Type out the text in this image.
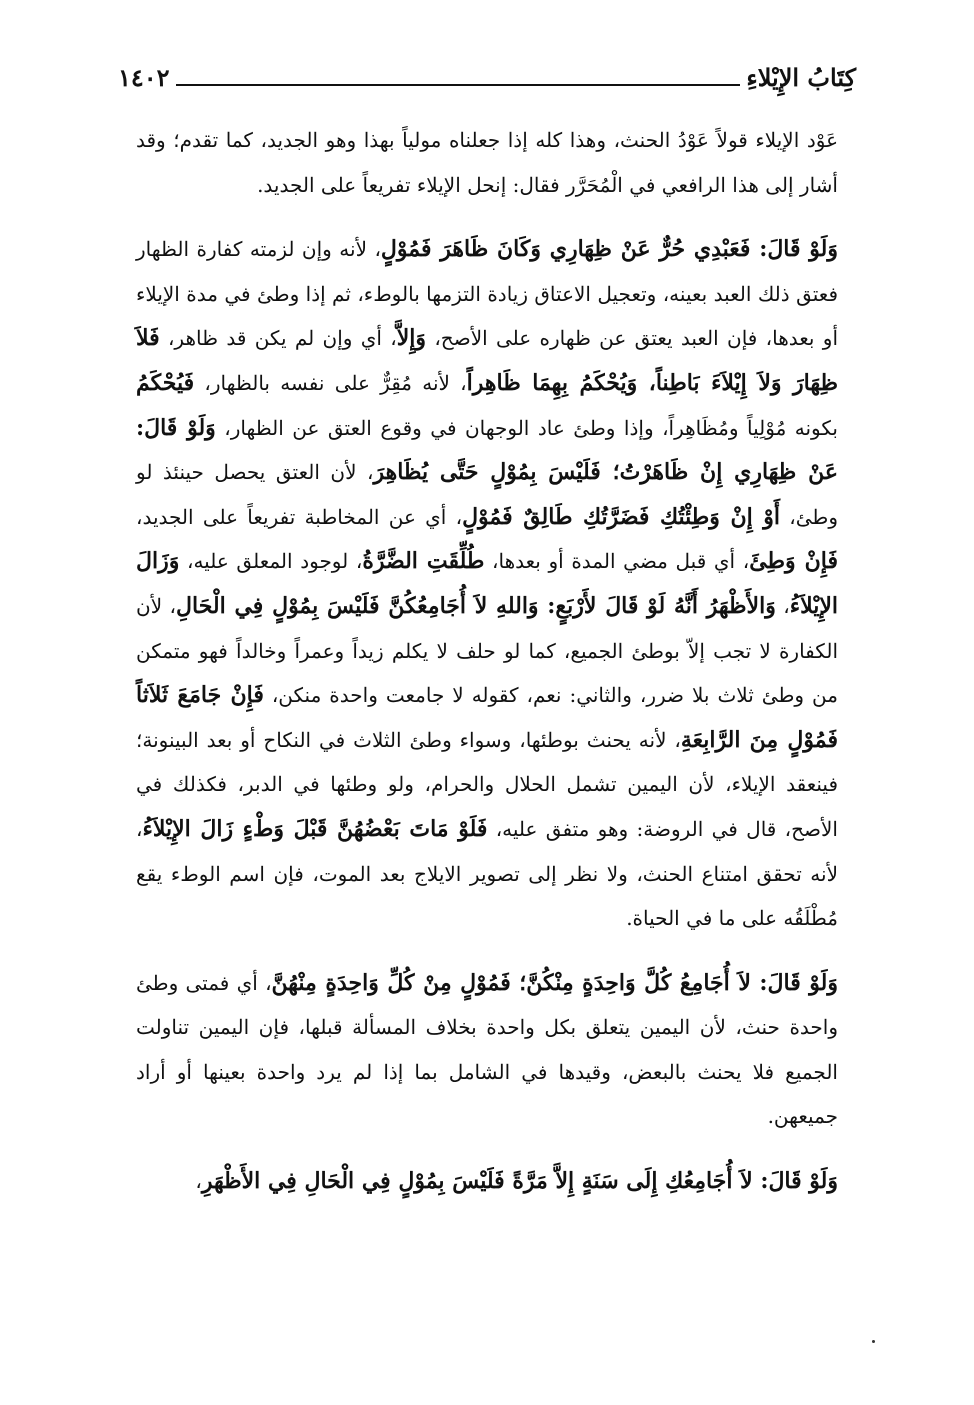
كِتَابُ الإِيْلاءِ
١٤٠٢

عَوْد الإيلاء قولاً عَوْدُ الحنث، وهذا كله إذا جعلناه مولياً بهذا وهو الجديد، كما تقدم؛ وقد أشار إلى هذا الرافعي في الْمُحَرَّر فقال: إنحل الإيلاء تفريعاً على الجديد.

وَلَوْ قَالَ: فَعَبْدِي حُرٌّ عَنْ ظِهَارِي وَكَانَ ظَاهَرَ فَمُوْلٍ، لأنه وإن لزمته كفارة الظهار فعتق ذلك العبد بعينه، وتعجيل الاعتاق زيادة التزمها بالوطء، ثم إذا وطئ في مدة الإيلاء أو بعدها، فإن العبد يعتق عن ظهاره على الأصح، وَإِلاَّ، أي وإن لم يكن قد ظاهر، فَلاَ ظِهَارَ وَلاَ إِيْلاَءَ بَاطِناً، وَيُحْكَمُ بِهِمَا ظَاهِراً، لأنه مُقِرٌّ على نفسه بالظهار، فَيُحْكَمُ بكونه مُوْلِياً ومُظَاهِراً، وإذا وطئ عاد الوجهان في وقوع العتق عن الظهار، وَلَوْ قَالَ: عَنْ ظِهَارِي إِنْ ظَاهَرْتُ؛ فَلَيْسَ بِمُوْلٍ حَتَّى يُظَاهِرَ، لأن العتق يحصل حينئذ لو وطئ، أَوْ إِنْ وَطِئْتُكِ فَضَرَّتُكِ طَالِقٌ فَمُوْلٍ، أي عن المخاطبة تفريعاً على الجديد، فَإِنْ وَطِئَ، أي قبل مضي المدة أو بعدها، طُلِّقَتِ الضَّرَّةُ، لوجود المعلق عليه، وَزَالَ الإِيْلاَءُ، وَالأَظْهَرُ أَنَّهُ لَوْ قَالَ لأَرْبَعٍ: وَاللهِ لاَ أُجَامِعُكُنَّ فَلَيْسَ بِمُوْلٍ فِي الْحَالِ، لأن الكفارة لا تجب إلاّ بوطئ الجميع، كما لو حلف لا يكلم زيداً وعمراً وخالداً فهو متمكن من وطئ ثلاث بلا ضرر، والثاني: نعم، كقوله لا جامعت واحدة منكن، فَإِنْ جَامَعَ ثَلاَثاً فَمُوْلٍ مِنَ الرَّابِعَةِ، لأنه يحنث بوطئها، وسواء وطئ الثلاث في النكاح أو بعد البينونة؛ فينعقد الإيلاء، لأن اليمين تشمل الحلال والحرام، ولو وطئها في الدبر، فكذلك في الأصح، قال في الروضة: وهو متفق عليه، فَلَوْ مَاتَ بَعْضُهُنَّ قَبْلَ وَطْءٍ زَالَ الإِيْلاَءُ، لأنه تحقق امتناع الحنث، ولا نظر إلى تصوير الايلاج بعد الموت، فإن اسم الوطء يقع مُطْلَقُه على ما في الحياة.

وَلَوْ قَالَ: لاَ أُجَامِعُ كُلَّ وَاحِدَةٍ مِنْكُنَّ؛ فَمُوْلٍ مِنْ كُلِّ وَاحِدَةٍ مِنْهُنَّ، أي فمتى وطئ واحدة حنث، لأن اليمين يتعلق بكل واحدة بخلاف المسألة قبلها، فإن اليمين تناولت الجميع فلا يحنث بالبعض، وقيدها في الشامل بما إذا لم يرد واحدة بعينها أو أراد جميعهن.

وَلَوْ قَالَ: لاَ أُجَامِعُكِ إِلَى سَنَةٍ إِلاَّ مَرَّةً فَلَيْسَ بِمُوْلٍ فِي الْحَالِ فِي الأَظْهَرِ،
